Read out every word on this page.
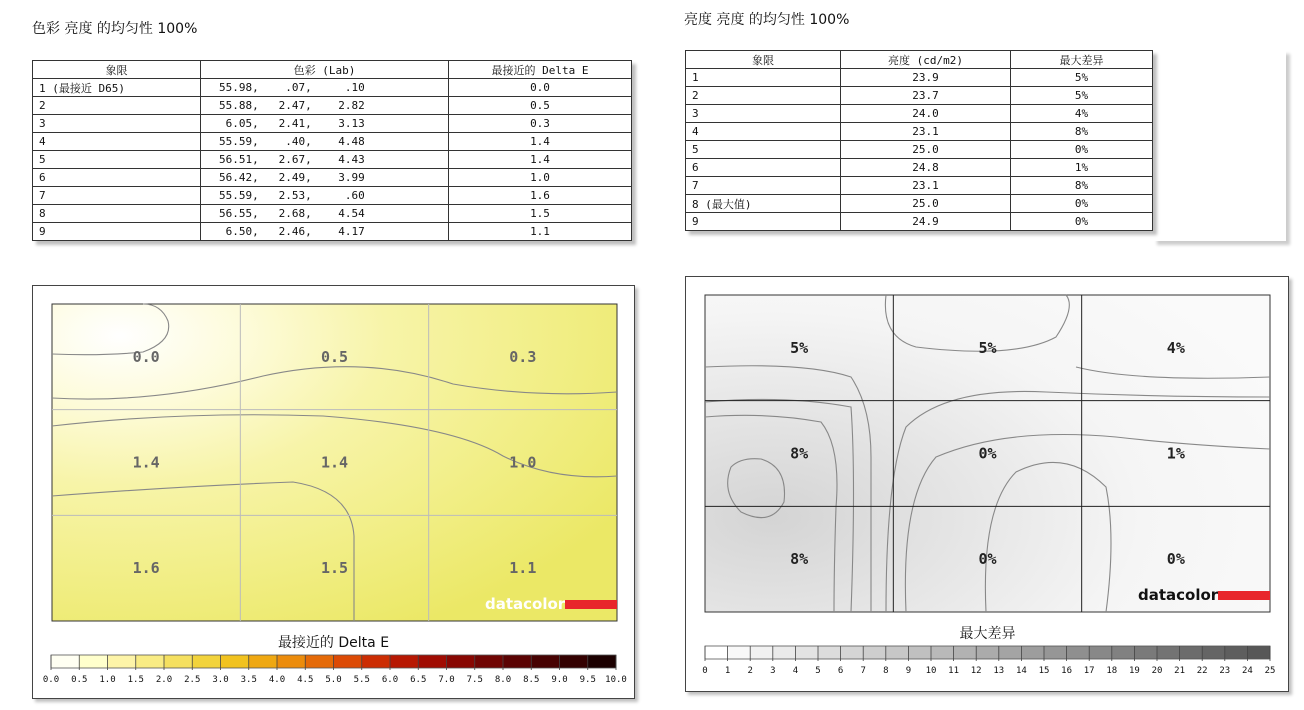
色彩 亮度 的均匀性 100%
象限	色彩 (Lab)	最接近的 Delta E
1 (最接近 D65)	55.98,    .07,     .10	0.0
2	55.88,   2.47,    2.82	0.5
3	6.05,   2.41,    3.13	0.3
4	55.59,    .40,    4.48	1.4
5	56.51,   2.67,    4.43	1.4
6	56.42,   2.49,    3.99	1.0
7	55.59,   2.53,     .60	1.6
8	56.55,   2.68,    4.54	1.5
9	6.50,   2.46,    4.17	1.1
0.0	0.5	0.3
1.4	1.4	1.0
1.6	1.5	1.1
datacolor
最接近的 Delta E
0.0 0.5 1.0 1.5 2.0 2.5 3.0 3.5 4.0 4.5 5.0 5.5 6.0 6.5 7.0 7.5 8.0 8.5 9.0 9.5 10.0
亮度 亮度 的均匀性 100%
象限	亮度 (cd/m2)	最大差异
1	23.9	5%
2	23.7	5%
3	24.0	4%
4	23.1	8%
5	25.0	0%
6	24.8	1%
7	23.1	8%
8 (最大值)	25.0	0%
9	24.9	0%
5%	5%	4%
8%	0%	1%
8%	0%	0%
datacolor
最大差异
0 1 2 3 4 5 6 7 8 9 10 11 12 13 14 15 16 17 18 19 20 21 22 23 24 25
